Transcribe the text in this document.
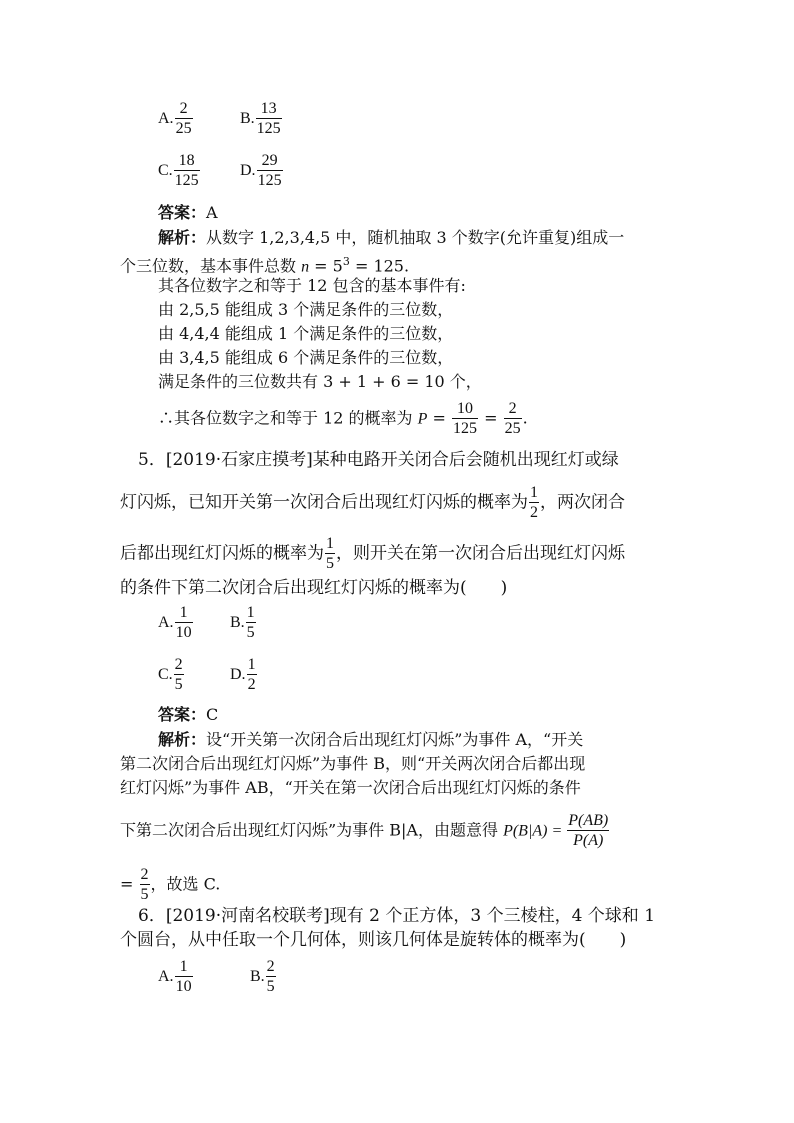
A. $\frac{2}{25}$	B. $\frac{13}{125}$
C. $\frac{18}{125}$	D. $\frac{29}{125}$
答案：A
解析：从数字 1,2,3,4,5 中，随机抽取 3 个数字(允许重复)组成一
个三位数，基本事件总数 $n = 5^3 = 125$.
其各位数字之和等于 12 包含的基本事件有:
由 2,5,5 能组成 3 个满足条件的三位数，
由 4,4,4 能组成 1 个满足条件的三位数，
由 3,4,5 能组成 6 个满足条件的三位数，
满足条件的三位数共有 3 + 1 + 6 = 10 个，
∴其各位数字之和等于 12 的概率为 $P = \frac{10}{125} = \frac{2}{25}$ .
5．[2019·石家庄摸考]某种电路开关闭合后会随机出现红灯或绿
灯闪烁，已知开关第一次闭合后出现红灯闪烁的概率为 $\frac{1}{2}$ ，两次闭合
后都出现红灯闪烁的概率为 $\frac{1}{5}$ ，则开关在第一次闭合后出现红灯闪烁
的条件下第二次闭合后出现红灯闪烁的概率为(　　)
A. $\frac{1}{10} B$. $\frac{1}{5}$
C. $\frac{2}{5}$	D. $\frac{1}{2}$
答案：C
解析：设“开关第一次闭合后出现红灯闪烁”为事件 A，“开关
第二次闭合后出现红灯闪烁”为事件 B，则“开关两次闭合后都出现
红灯闪烁”为事件 AB，“开关在第一次闭合后出现红灯闪烁的条件
下第二次闭合后出现红灯闪烁”为事件 B|A，由题意得 $P(B|A) = \frac{P(AB)}{P(A)}$
= $\frac{2}{5}$ ，故选 C.
6．[2019·河南名校联考]现有 2 个正方体，3 个三棱柱，4 个球和 1
个圆台，从中任取一个几何体，则该几何体是旋转体的概率为(　　)
A. $\frac{1}{10}$	B. $\frac{2}{5}$
